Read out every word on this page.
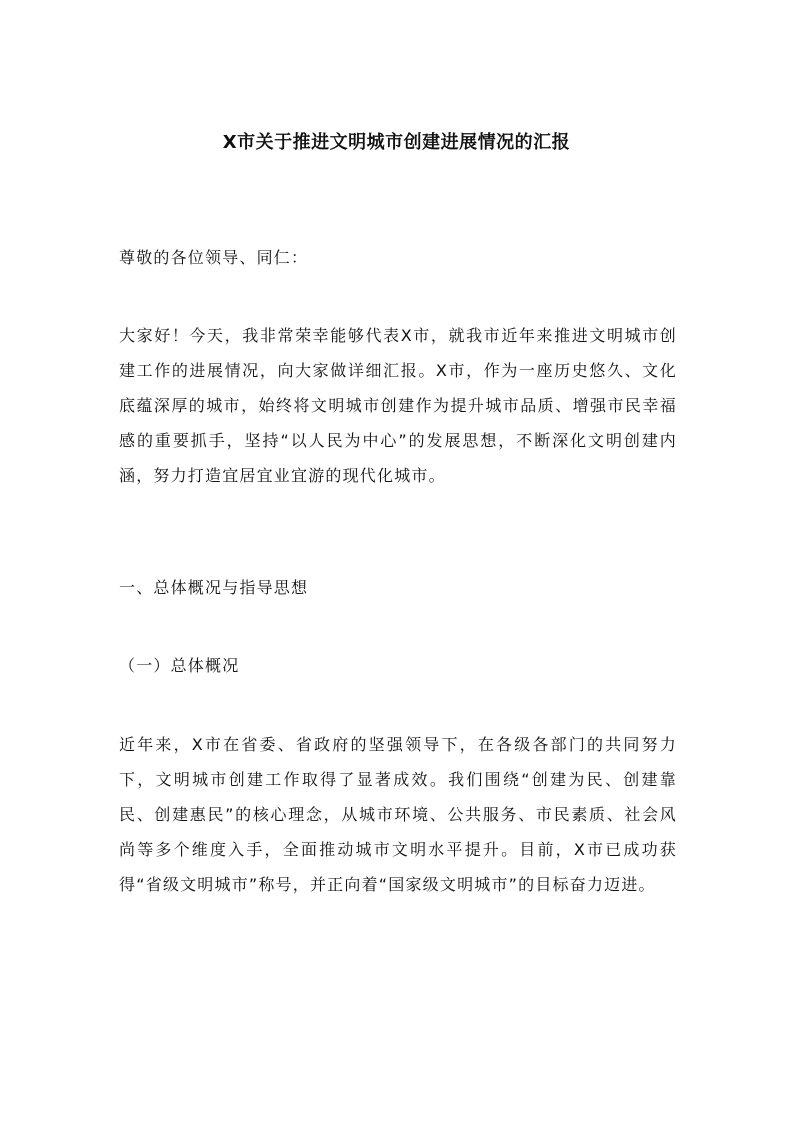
X市关于推进文明城市创建进展情况的汇报

尊敬的各位领导、同仁：

大家好！今天，我非常荣幸能够代表X市，就我市近年来推进文明城市创建工作的进展情况，向大家做详细汇报。X市，作为一座历史悠久、文化底蕴深厚的城市，始终将文明城市创建作为提升城市品质、增强市民幸福感的重要抓手，坚持“以人民为中心”的发展思想，不断深化文明创建内涵，努力打造宜居宜业宜游的现代化城市。

一、总体概况与指导思想

（一）总体概况

近年来，X市在省委、省政府的坚强领导下，在各级各部门的共同努力下，文明城市创建工作取得了显著成效。我们围绕“创建为民、创建靠民、创建惠民”的核心理念，从城市环境、公共服务、市民素质、社会风尚等多个维度入手，全面推动城市文明水平提升。目前，X市已成功获得“省级文明城市”称号，并正向着“国家级文明城市”的目标奋力迈进。
